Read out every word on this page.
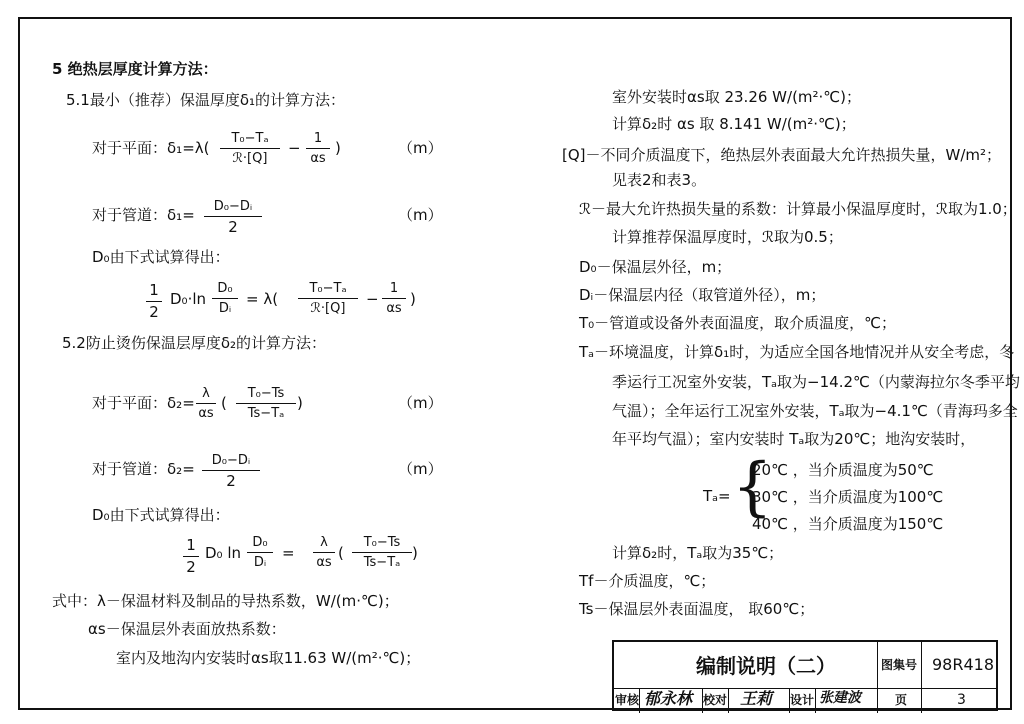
5 绝热层厚度计算方法：
5.1最小（推荐）保温厚度δ₁的计算方法：
对于平面： δ₁=λ(
T₀−Tₐ
ℛ·[Q]
− $\frac{1}{\alpha s}$ )	（m）
对于管道： $\delta_1= \frac{\text{D₀−Dᵢ}}{2}$	（m）
D₀由下式试算得出：
$\frac{1}{2} D_0\cdot\ln \frac{\text{D₀}}{\text{Dᵢ}} = \lambda$(
T₀−Tₐ
ℛ·[Q]
− $\frac{1}{\alpha s}$ )
5.2防止烫伤保温层厚度δ₂的计算方法：
对于平面： $\delta_2= \frac{\lambda}{\alpha s}$ ( $\frac{\text{T₀−Ts}}{\text{Ts−Tₐ}}$ )	（m）
对于管道： $\delta_2= \frac{\text{D₀−Dᵢ}}{2}$	（m）
D₀由下式试算得出：
$\frac{1}{2} D_0$ $\ln \frac{\text{D₀}}{\text{Dᵢ}} = \frac{\lambda}{\alpha s}$ ( $\frac{\text{T₀−Ts}}{\text{Ts−Tₐ}}$ )
式中：λ－保温材料及制品的导热系数，W/(m·℃)；
αs－保温层外表面放热系数：
室内及地沟内安装时αs取11.63 W/(m²·℃)；
室外安装时αs取 23.26 W/(m²·℃)；
计算δ₂时 αs 取 8.141 W/(m²·℃)；
[Q]－不同介质温度下，绝热层外表面最大允许热损失量，W/m²；
见表2和表3。
ℛ－最大允许热损失量的系数：计算最小保温厚度时，ℛ取为1.0；
计算推荐保温厚度时，ℛ取为0.5；
D₀－保温层外径，m；
Dᵢ－保温层内径（取管道外径），m；
T₀－管道或设备外表面温度，取介质温度，℃；
Tₐ－环境温度，计算δ₁时，为适应全国各地情况并从安全考虑，冬
季运行工况室外安装，Tₐ取为−14.2℃（内蒙海拉尔冬季平均
气温）；全年运行工况室外安装，Tₐ取为−4.1℃（青海玛多全
年平均气温）；室内安装时 Tₐ取为20℃；地沟安装时，
Tₐ= {
20℃ ，当介质温度为50℃
30℃ ，当介质温度为100℃
40℃ ，当介质温度为150℃
计算δ₂时，Tₐ取为35℃；
Tf－介质温度，℃；
Ts－保温层外表面温度， 取60℃；
编制说明（二）	图集号 98R418
审核 郁永林 校对 王莉 设计 张建波	页	3
